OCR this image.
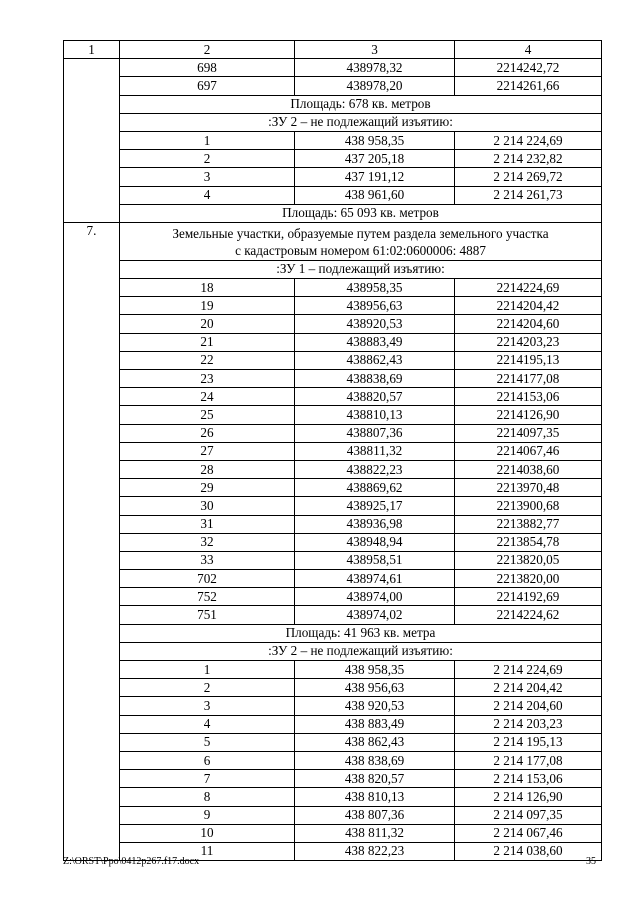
1	2	3	4
	698	438978,32	2214242,72
	697	438978,20	2214261,66
	Площадь: 678 кв. метров		
	:ЗУ 2 – не подлежащий изъятию:		
	1	438 958,35	2 214 224,69
	2	437 205,18	2 214 232,82
	3	437 191,12	2 214 269,72
	4	438 961,60	2 214 261,73
	Площадь: 65 093 кв. метров		
7.	Земельные участки, образуемые путем раздела земельного участка
с кадастровым номером 61:02:0600006: 4887		

	:ЗУ 1 – подлежащий изъятию:		
	18	438958,35	2214224,69
	19	438956,63	2214204,42
	20	438920,53	2214204,60
	21	438883,49	2214203,23
	22	438862,43	2214195,13
	23	438838,69	2214177,08
	24	438820,57	2214153,06
	25	438810,13	2214126,90
	26	438807,36	2214097,35
	27	438811,32	2214067,46
	28	438822,23	2214038,60
	29	438869,62	2213970,48
	30	438925,17	2213900,68
	31	438936,98	2213882,77
	32	438948,94	2213854,78
	33	438958,51	2213820,05
	702	438974,61	2213820,00
	752	438974,00	2214192,69
	751	438974,02	2214224,62
	Площадь: 41 963 кв. метра		
	:ЗУ 2 – не подлежащий изъятию:		
	1	438 958,35	2 214 224,69
	2	438 956,63	2 214 204,42
	3	438 920,53	2 214 204,60
	4	438 883,49	2 214 203,23
	5	438 862,43	2 214 195,13
	6	438 838,69	2 214 177,08
	7	438 820,57	2 214 153,06
	8	438 810,13	2 214 126,90
	9	438 807,36	2 214 097,35
	10	438 811,32	2 214 067,46
	11	438 822,23	2 214 038,60
Z:\ORST\Ppo\0412p267.f17.docx	35
